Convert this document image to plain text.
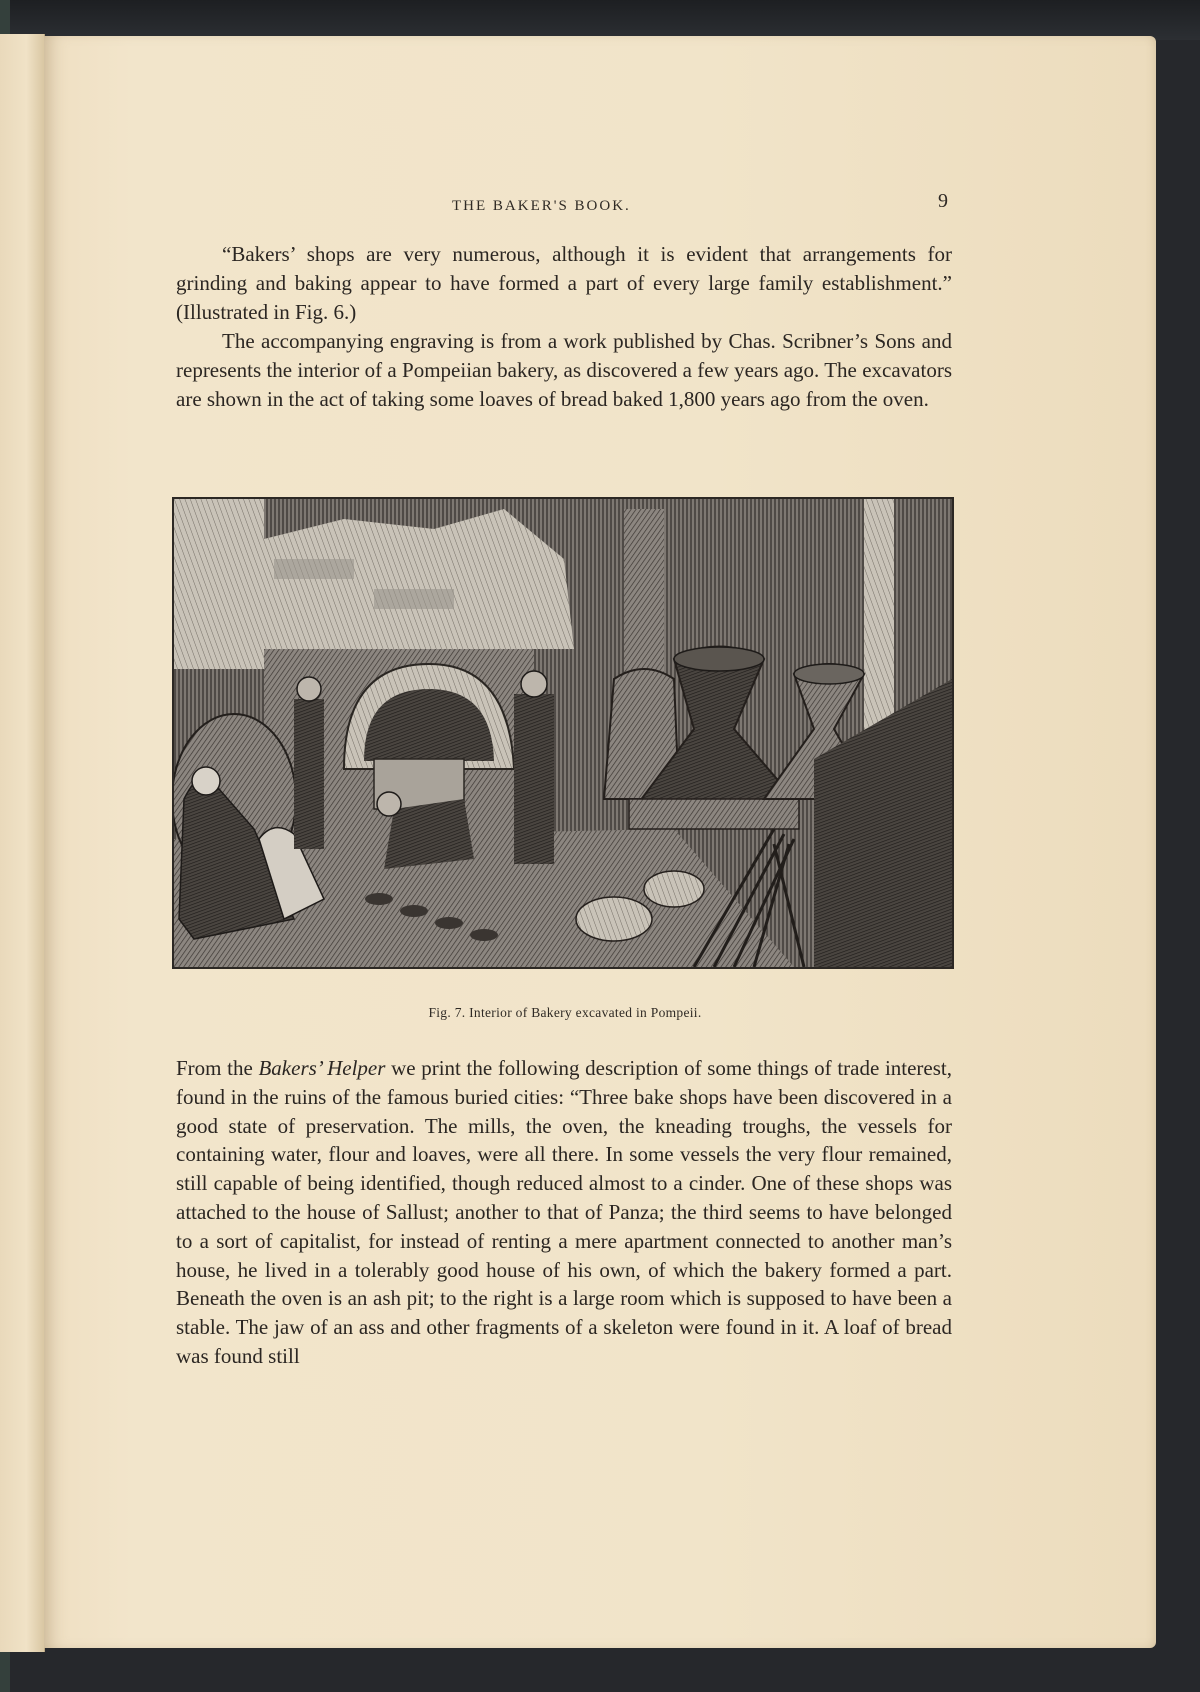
THE BAKER'S BOOK.	9

“Bakers’ shops are very numerous, although it is evident that arrangements for grinding and baking appear to have formed a part of every large family establishment.” (Illustrated in Fig. 6.)

The accompanying engraving is from a work published by Chas. Scribner’s Sons and represents the interior of a Pompeiian bakery, as discovered a few years ago. The excavators are shown in the act of taking some loaves of bread baked 1,800 years ago from the oven.

Fig. 7. Interior of Bakery excavated in Pompeii.

From the Bakers’ Helper we print the following description of some things of trade interest, found in the ruins of the famous buried cities: “Three bake shops have been discovered in a good state of preservation. The mills, the oven, the kneading troughs, the vessels for containing water, flour and loaves, were all there. In some vessels the very flour remained, still capable of being identified, though reduced almost to a cinder. One of these shops was attached to the house of Sallust; another to that of Panza; the third seems to have belonged to a sort of capitalist, for instead of renting a mere apartment connected to another man’s house, he lived in a tolerably good house of his own, of which the bakery formed a part. Beneath the oven is an ash pit; to the right is a large room which is supposed to have been a stable. The jaw of an ass and other fragments of a skeleton were found in it. A loaf of bread was found still
